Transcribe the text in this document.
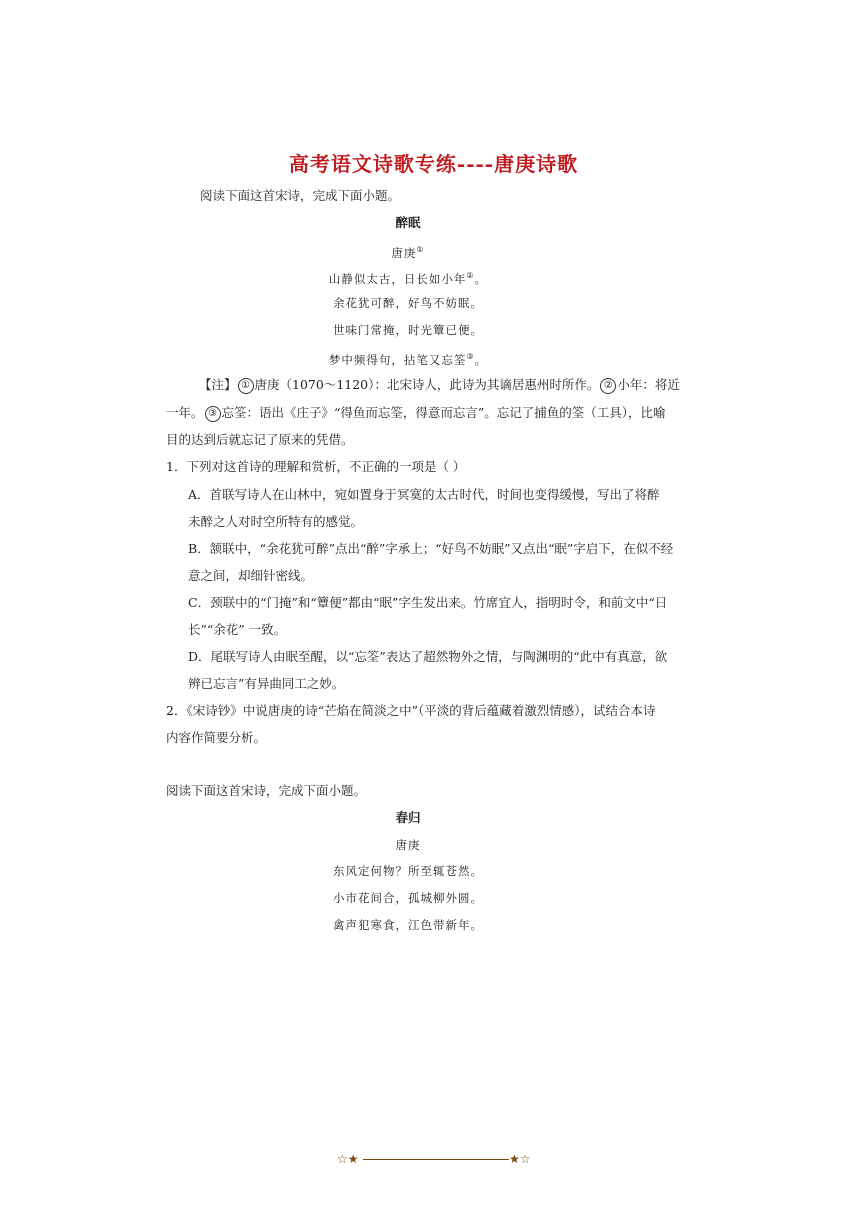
高考语文诗歌专练----唐庚诗歌
阅读下面这首宋诗，完成下面小题。
醉眠
唐庚①
山静似太古，日长如小年②。
余花犹可醉，好鸟不妨眠。
世味门常掩，时光簟已便。
梦中频得句，拈笔又忘筌③。
【注】 ① 唐庚（1070～1120）：北宋诗人，此诗为其谪居惠州时所作。 ② 小年：将近
一年。 ③ 忘筌：语出《庄子》“得鱼而忘筌，得意而忘言”。忘记了捕鱼的筌（工具），比喻
目的达到后就忘记了原来的凭借。
1．下列对这首诗的理解和赏析，不正确的一项是（ ）
A．首联写诗人在山林中，宛如置身于冥寞的太古时代，时间也变得缓慢，写出了将醉
未醉之人对时空所特有的感觉。
B．颔联中，“余花犹可醉”点出“醉”字承上；“好鸟不妨眠”又点出“眠”字启下，在似不经
意之间，却细针密线。
C．颈联中的“门掩”和“簟便”都由“眠”字生发出来。竹席宜人，指明时令，和前文中“日
长”“余花” 一致。
D．尾联写诗人由眠至醒，以“忘筌”表达了超然物外之情，与陶渊明的“此中有真意，欲
辨已忘言”有异曲同工之妙。
2．《宋诗钞》中说唐庚的诗“芒焰在简淡之中”（平淡的背后蕴藏着激烈情感），试结合本诗
内容作简要分析。
阅读下面这首宋诗，完成下面小题。
春归
唐庚
东风定何物？所至辄苍然。
小市花间合，孤城柳外圆。
禽声犯寒食，江色带新年。
☆★	★☆
